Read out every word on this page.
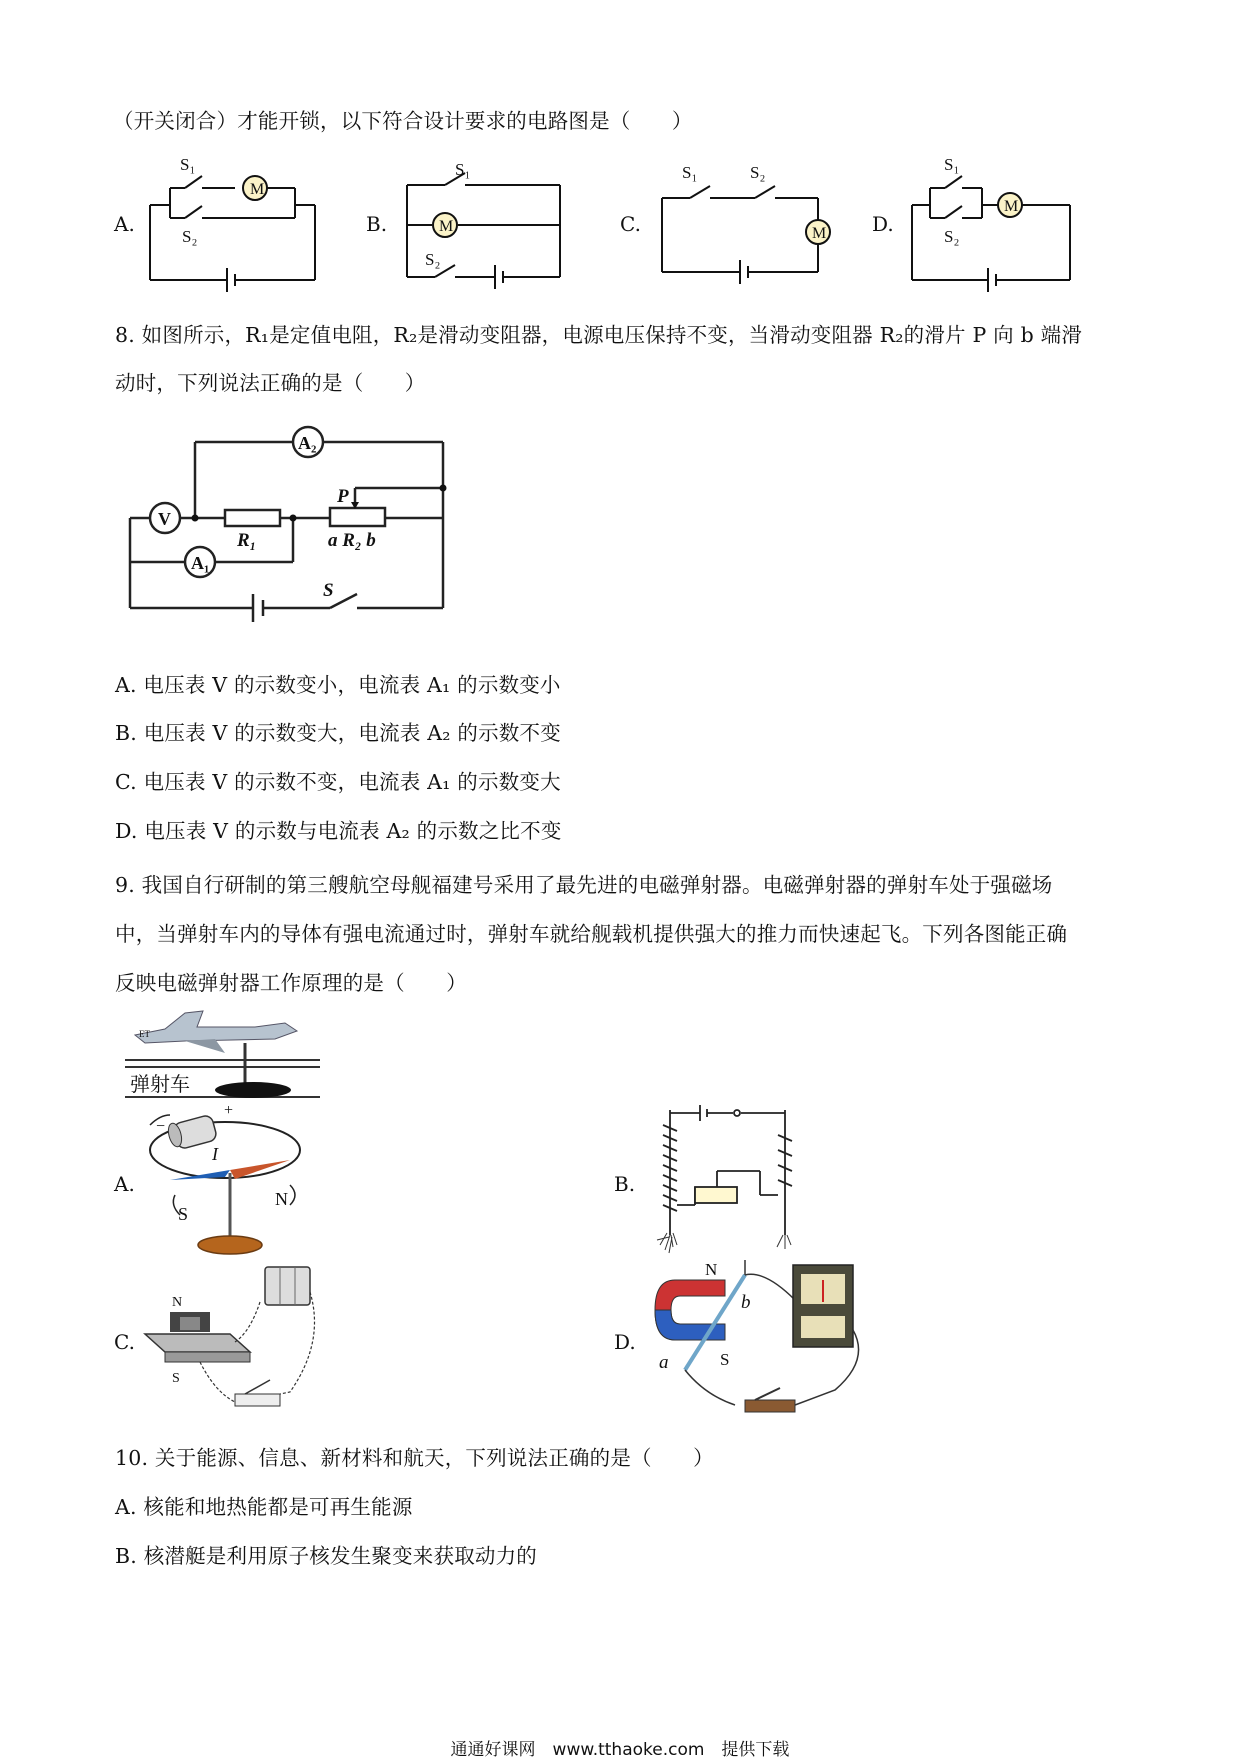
（开关闭合）才能开锁，以下符合设计要求的电路图是（　　）
A.
M
S₁
S₂
B.
S₁
M
S₂
C.
S₁	S₂
M D.
S₁
S₂
M
8. 如图所示，R₁是定值电阻，R₂是滑动变阻器，电源电压保持不变，当滑动变阻器 R₂的滑片 P 向 b 端滑
动时，下列说法正确的是（　　）
A₂
V
A₁
R₁	a R₂ b
P
S
A. 电压表 V 的示数变小，电流表 A₁ 的示数变小
B. 电压表 V 的示数变大，电流表 A₂ 的示数不变
C. 电压表 V 的示数不变，电流表 A₁ 的示数变大
D. 电压表 V 的示数与电流表 A₂ 的示数之比不变
9. 我国自行研制的第三艘航空母舰福建号采用了最先进的电磁弹射器。电磁弹射器的弹射车处于强磁场
中，当弹射车内的导体有强电流通过时，弹射车就给舰载机提供强大的推力而快速起飞。下列各图能正确
反映电磁弹射器工作原理的是（　　）
ET
弹射车
A.
+
−
I
S
N
B.
C.
N
S
D.
N
S
a
b
10. 关于能源、信息、新材料和航天，下列说法正确的是（　　）
A. 核能和地热能都是可再生能源
B. 核潜艇是利用原子核发生聚变来获取动力的
通通好课网　www.tthaoke.com　提供下载
